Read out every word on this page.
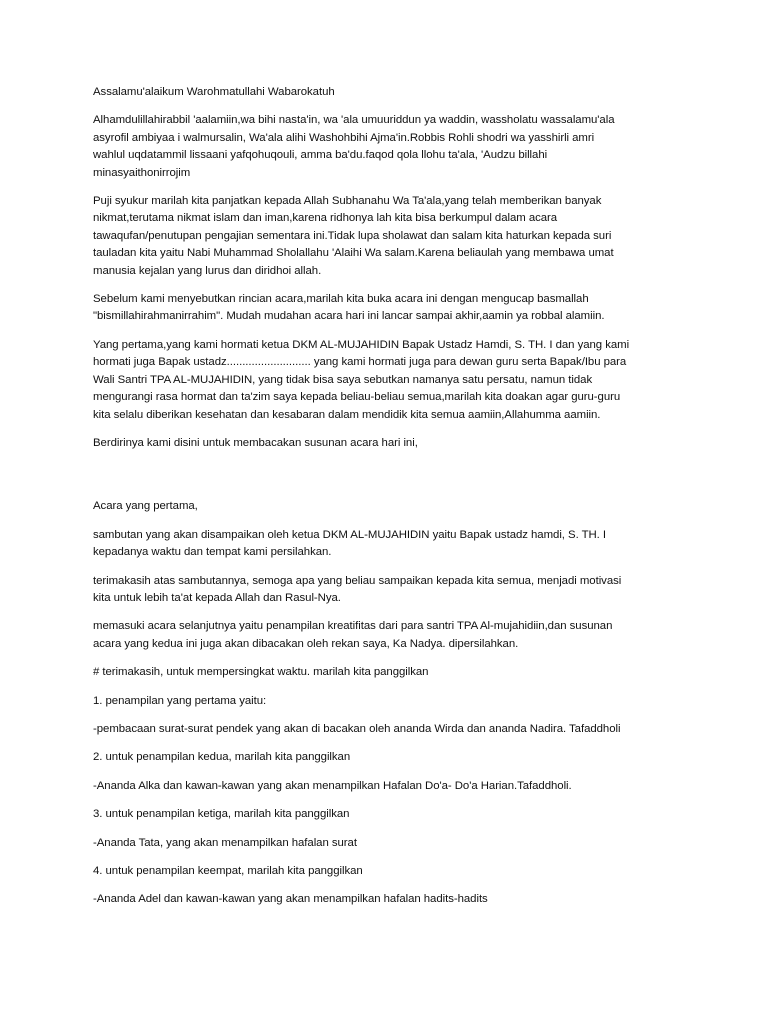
Assalamu'alaikum Warohmatullahi Wabarokatuh

Alhamdulillahirabbil 'aalamiin,wa bihi nasta'in, wa 'ala umuuriddun ya waddin, wassholatu wassalamu'ala
asyrofil ambiyaa i walmursalin, Wa'ala alihi Washohbihi Ajma'in.Robbis Rohli shodri wa yasshirli amri
wahlul uqdatammil lissaani yafqohuqouli, amma ba'du.faqod qola llohu ta'ala, 'Audzu billahi
minasyaithonirrojim

Puji syukur marilah kita panjatkan kepada Allah Subhanahu Wa Ta'ala,yang telah memberikan banyak
nikmat,terutama nikmat islam dan iman,karena ridhonya lah kita bisa berkumpul dalam acara
tawaqufan/penutupan pengajian sementara ini.Tidak lupa sholawat dan salam kita haturkan kepada suri
tauladan kita yaitu Nabi Muhammad Sholallahu 'Alaihi Wa salam.Karena beliaulah yang membawa umat
manusia kejalan yang lurus dan diridhoi allah.

Sebelum kami menyebutkan rincian acara,marilah kita buka acara ini dengan mengucap basmallah
"bismillahirahmanirrahim". Mudah mudahan acara hari ini lancar sampai akhir,aamin ya robbal alamiin.

Yang pertama,yang kami hormati ketua DKM AL-MUJAHIDIN Bapak Ustadz Hamdi, S. TH. I dan yang kami
hormati juga Bapak ustadz........................... yang kami hormati juga para dewan guru serta Bapak/Ibu para
Wali Santri TPA AL-MUJAHIDIN, yang tidak bisa saya sebutkan namanya satu persatu, namun tidak
mengurangi rasa hormat dan ta'zim saya kepada beliau-beliau semua,marilah kita doakan agar guru-guru
kita selalu diberikan kesehatan dan kesabaran dalam mendidik kita semua aamiin,Allahumma aamiin.

Berdirinya kami disini untuk membacakan susunan acara hari ini,

Acara yang pertama,

sambutan yang akan disampaikan oleh ketua DKM AL-MUJAHIDIN yaitu Bapak ustadz hamdi, S. TH. I
kepadanya waktu dan tempat kami persilahkan.

terimakasih atas sambutannya, semoga apa yang beliau sampaikan kepada kita semua, menjadi motivasi
kita untuk lebih ta'at kepada Allah dan Rasul-Nya.

memasuki acara selanjutnya yaitu penampilan kreatifitas dari para santri TPA Al-mujahidiin,dan susunan
acara yang kedua ini juga akan dibacakan oleh rekan saya, Ka Nadya. dipersilahkan.

# terimakasih, untuk mempersingkat waktu. marilah kita panggilkan

1. penampilan yang pertama yaitu:

-pembacaan surat-surat pendek yang akan di bacakan oleh ananda Wirda dan ananda Nadira. Tafaddholi

2. untuk penampilan kedua, marilah kita panggilkan

-Ananda Alka dan kawan-kawan yang akan menampilkan Hafalan Do'a- Do'a Harian.Tafaddholi.

3. untuk penampilan ketiga, marilah kita panggilkan

-Ananda Tata, yang akan menampilkan hafalan surat

4. untuk penampilan keempat, marilah kita panggilkan

-Ananda Adel dan kawan-kawan yang akan menampilkan hafalan hadits-hadits
